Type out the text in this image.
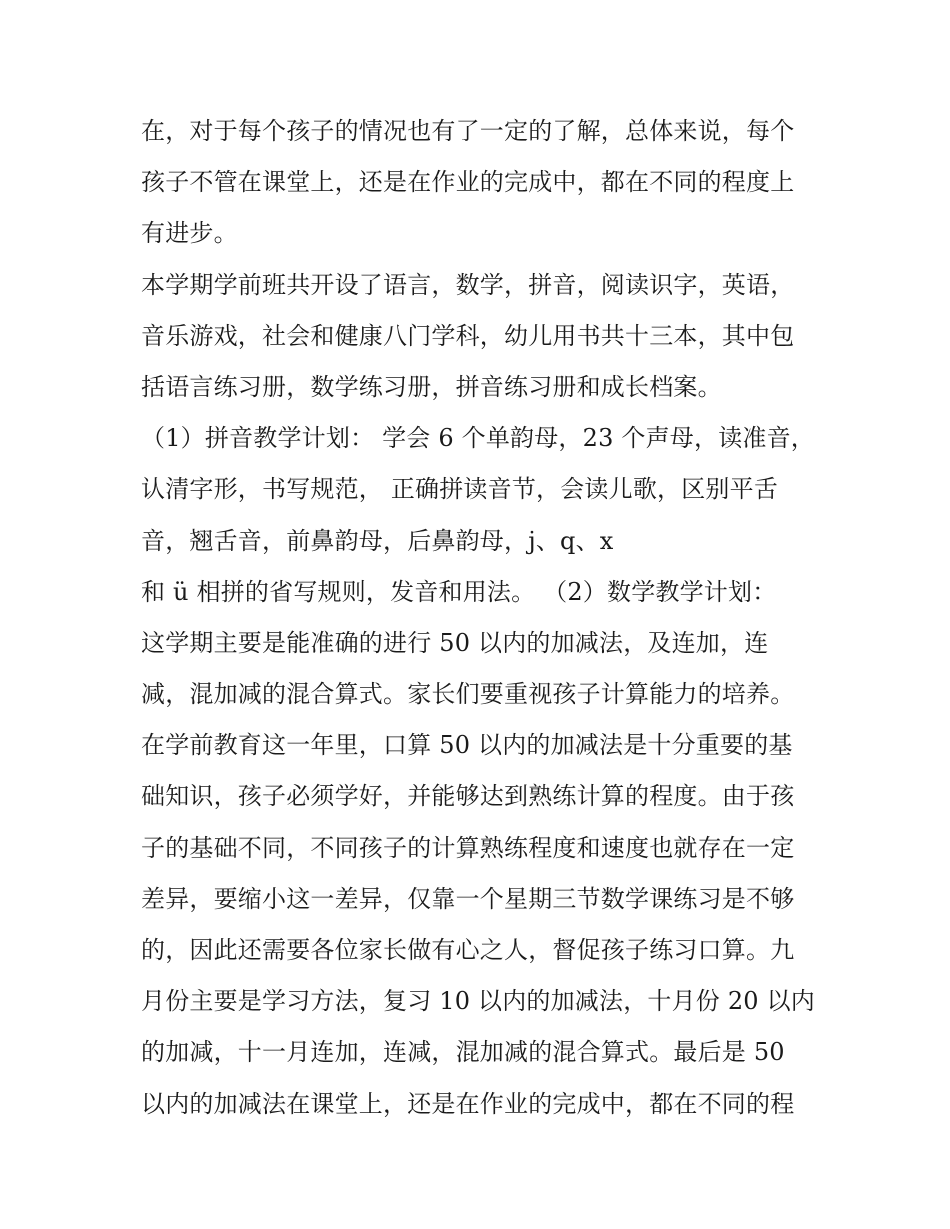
在，对于每个孩子的情况也有了一定的了解，总体来说，每个
孩子不管在课堂上，还是在作业的完成中，都在不同的程度上
有进步。
本学期学前班共开设了语言，数学，拼音，阅读识字，英语，
音乐游戏，社会和健康八门学科，幼儿用书共十三本，其中包
括语言练习册，数学练习册，拼音练习册和成长档案。
（1）拼音教学计划： 学会 6 个单韵母，23 个声母，读准音，
认清字形，书写规范， 正确拼读音节，会读儿歌，区别平舌
音，翘舌音，前鼻韵母，后鼻韵母，j、q、x
和 ü 相拼的省写规则，发音和用法。 （2）数学教学计划：
这学期主要是能准确的进行 50 以内的加减法，及连加，连
减，混加减的混合算式。家长们要重视孩子计算能力的培养。
在学前教育这一年里，口算 50 以内的加减法是十分重要的基
础知识，孩子必须学好，并能够达到熟练计算的程度。由于孩
子的基础不同，不同孩子的计算熟练程度和速度也就存在一定
差异，要缩小这一差异，仅靠一个星期三节数学课练习是不够
的，因此还需要各位家长做有心之人，督促孩子练习口算。九
月份主要是学习方法，复习 10 以内的加减法，十月份 20 以内
的加减，十一月连加，连减，混加减的混合算式。最后是 50
以内的加减法在课堂上，还是在作业的完成中，都在不同的程
